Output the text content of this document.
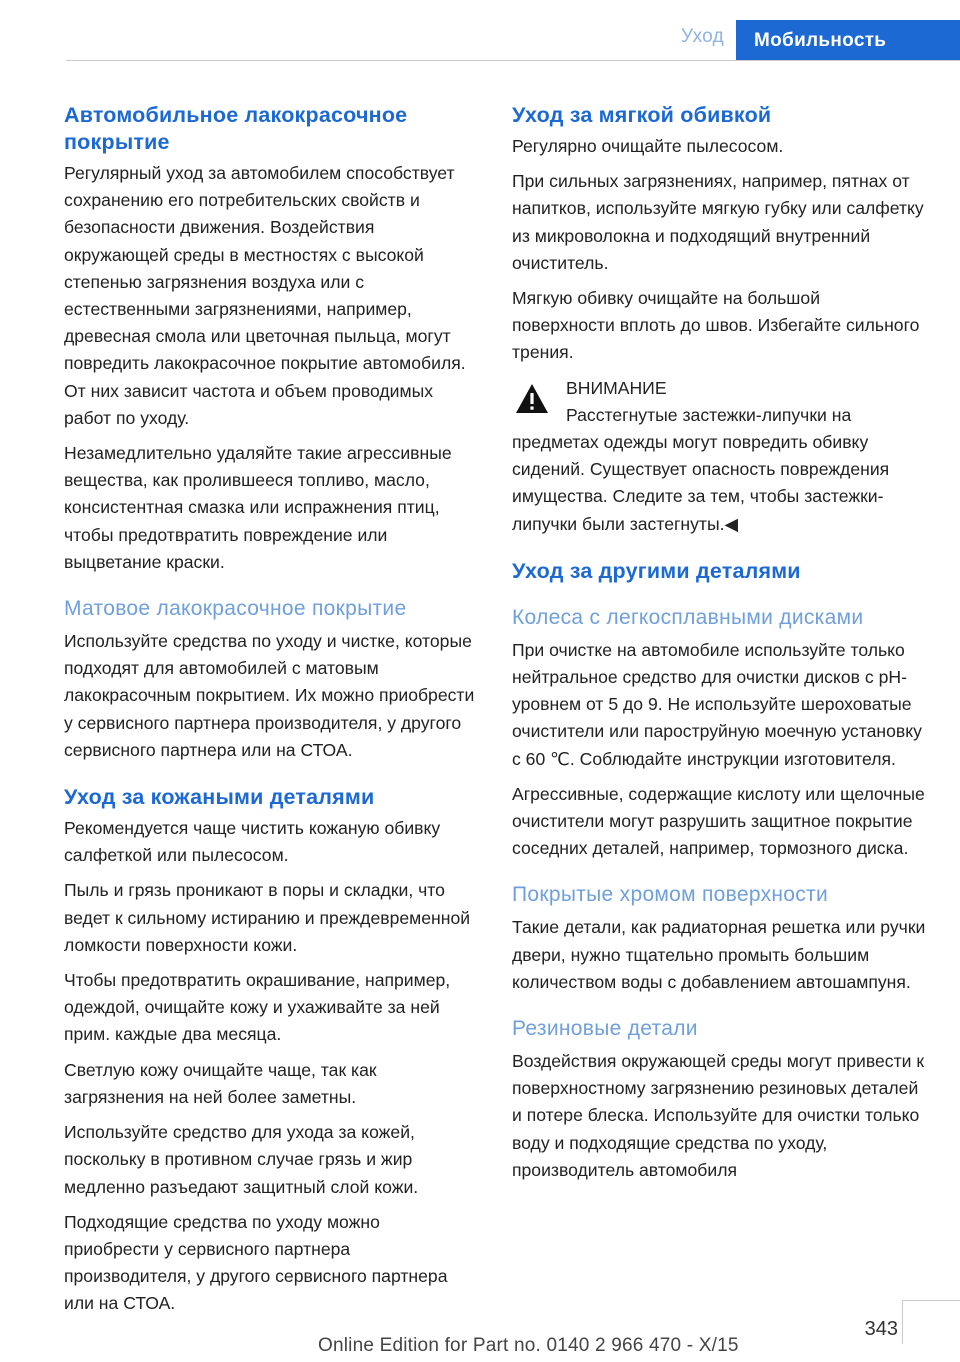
Уход	Мобильность
Автомобильное лакокрасочное покрытие

Регулярный уход за автомобилем способствует сохранению его потребительских свойств и безопасности движения. Воздействия окружающей среды в местностях с высокой степенью загрязнения воздуха или с естественными загрязнениями, например, древесная смола или цветочная пыльца, могут повредить лакокрасочное покрытие автомобиля. От них зависит частота и объем проводимых работ по уходу.

Незамедлительно удаляйте такие агрессивные вещества, как пролившееся топливо, масло, консистентная смазка или испражнения птиц, чтобы предотвратить повреждение или выцветание краски.

Матовое лакокрасочное покрытие

Используйте средства по уходу и чистке, которые подходят для автомобилей с матовым лакокрасочным покрытием. Их можно приобрести у сервисного партнера производителя, у другого сервисного партнера или на СТОА.

Уход за кожаными деталями

Рекомендуется чаще чистить кожаную обивку салфеткой или пылесосом.

Пыль и грязь проникают в поры и складки, что ведет к сильному истиранию и преждевременной ломкости поверхности кожи.

Чтобы предотвратить окрашивание, например, одеждой, очищайте кожу и ухаживайте за ней прим. каждые два месяца.

Светлую кожу очищайте чаще, так как загрязнения на ней более заметны.

Используйте средство для ухода за кожей, поскольку в противном случае грязь и жир медленно разъедают защитный слой кожи.

Подходящие средства по уходу можно приобрести у сервисного партнера производителя, у другого сервисного партнера или на СТОА.

Уход за мягкой обивкой

Регулярно очищайте пылесосом.

При сильных загрязнениях, например, пятнах от напитков, используйте мягкую губку или салфетку из микроволокна и подходящий внутренний очиститель.

Мягкую обивку очищайте на большой поверхности вплоть до швов. Избегайте сильного трения.

ВНИМАНИЕ
Расстегнутые застежки-липучки на предметах одежды могут повредить обивку сидений. Существует опасность повреждения имущества. Следите за тем, чтобы застежки-липучки были застегнуты.◀
Уход за другими деталями
Колеса с легкосплавными дисками

При очистке на автомобиле используйте только нейтральное средство для очистки дисков с pH-уровнем от 5 до 9. Не используйте шероховатые очистители или пароструйную моечную установку с 60 ℃. Соблюдайте инструкции изготовителя.

Агрессивные, содержащие кислоту или щелочные очистители могут разрушить защитное покрытие соседних деталей, например, тормозного диска.

Покрытые хромом поверхности

Такие детали, как радиаторная решетка или ручки двери, нужно тщательно промыть большим количеством воды с добавлением автошампуня.

Резиновые детали

Воздействия окружающей среды могут привести к поверхностному загрязнению резиновых деталей и потере блеска. Используйте для очистки только воду и подходящие средства по уходу, производитель автомобиля

343
Online Edition for Part no. 0140 2 966 470 - X/15
